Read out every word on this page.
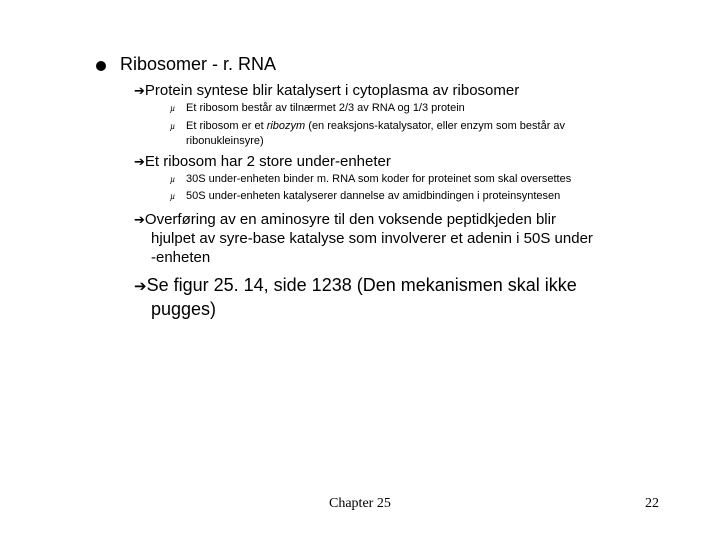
Ribosomer - r. RNA
➔Protein syntese blir katalysert i cytoplasma av ribosomer
µ Et ribosom består av tilnærmet 2/3 av RNA og 1/3 protein
µ Et ribosom er et ribozym (en reaksjons-katalysator, eller enzym som består av
ribonukleinsyre)
➔Et ribosom har 2 store under-enheter
µ 30S under-enheten binder m. RNA som koder for proteinet som skal oversettes
µ 50S under-enheten katalyserer dannelse av amidbindingen i proteinsyntesen
➔Overføring av en aminosyre til den voksende peptidkjeden blir
hjulpet av syre-base katalyse som involverer et adenin i 50S under
-enheten
➔Se figur 25. 14, side 1238 (Den mekanismen skal ikke
pugges)
Chapter 25	22
